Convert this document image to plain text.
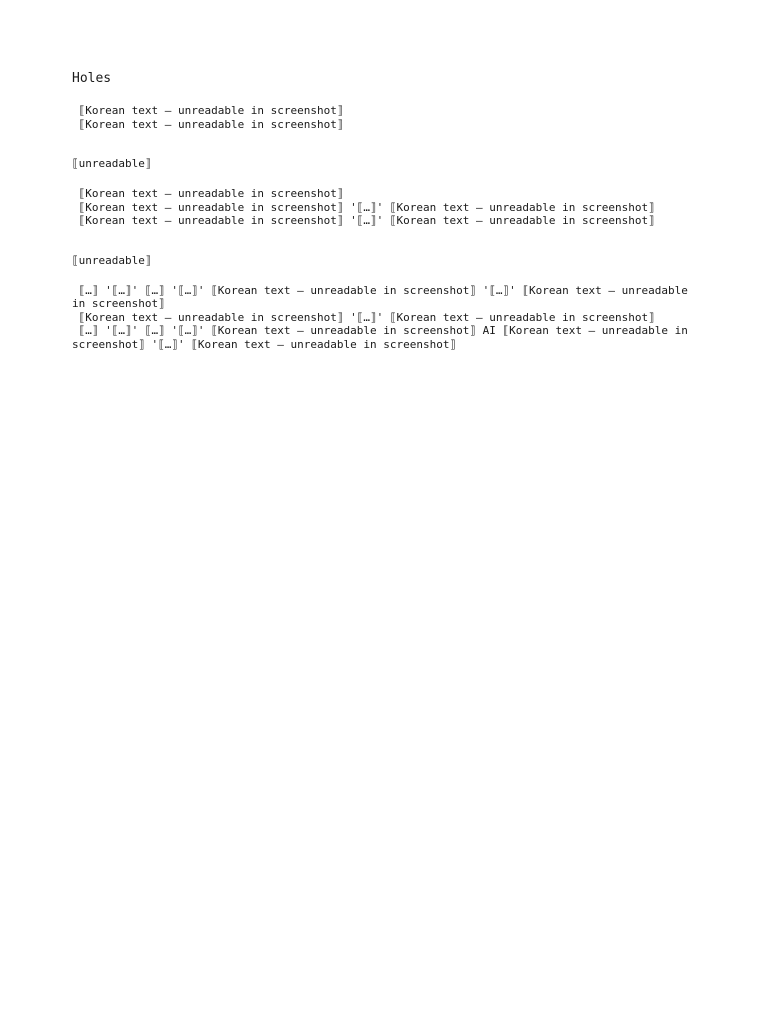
Holes

⟦Korean text — unreadable in screenshot⟧

⟦Korean text — unreadable in screenshot⟧

⟦unreadable⟧

⟦Korean text — unreadable in screenshot⟧

⟦Korean text — unreadable in screenshot⟧ '⟦…⟧' ⟦Korean text — unreadable in screenshot⟧

⟦Korean text — unreadable in screenshot⟧ '⟦…⟧' ⟦Korean text — unreadable in screenshot⟧

⟦unreadable⟧

⟦…⟧ '⟦…⟧' ⟦…⟧ '⟦…⟧' ⟦Korean text — unreadable in screenshot⟧ '⟦…⟧' ⟦Korean text — unreadable in screenshot⟧

⟦Korean text — unreadable in screenshot⟧ '⟦…⟧' ⟦Korean text — unreadable in screenshot⟧

⟦…⟧ '⟦…⟧' ⟦…⟧ '⟦…⟧' ⟦Korean text — unreadable in screenshot⟧ AI ⟦Korean text — unreadable in screenshot⟧ '⟦…⟧' ⟦Korean text — unreadable in screenshot⟧
